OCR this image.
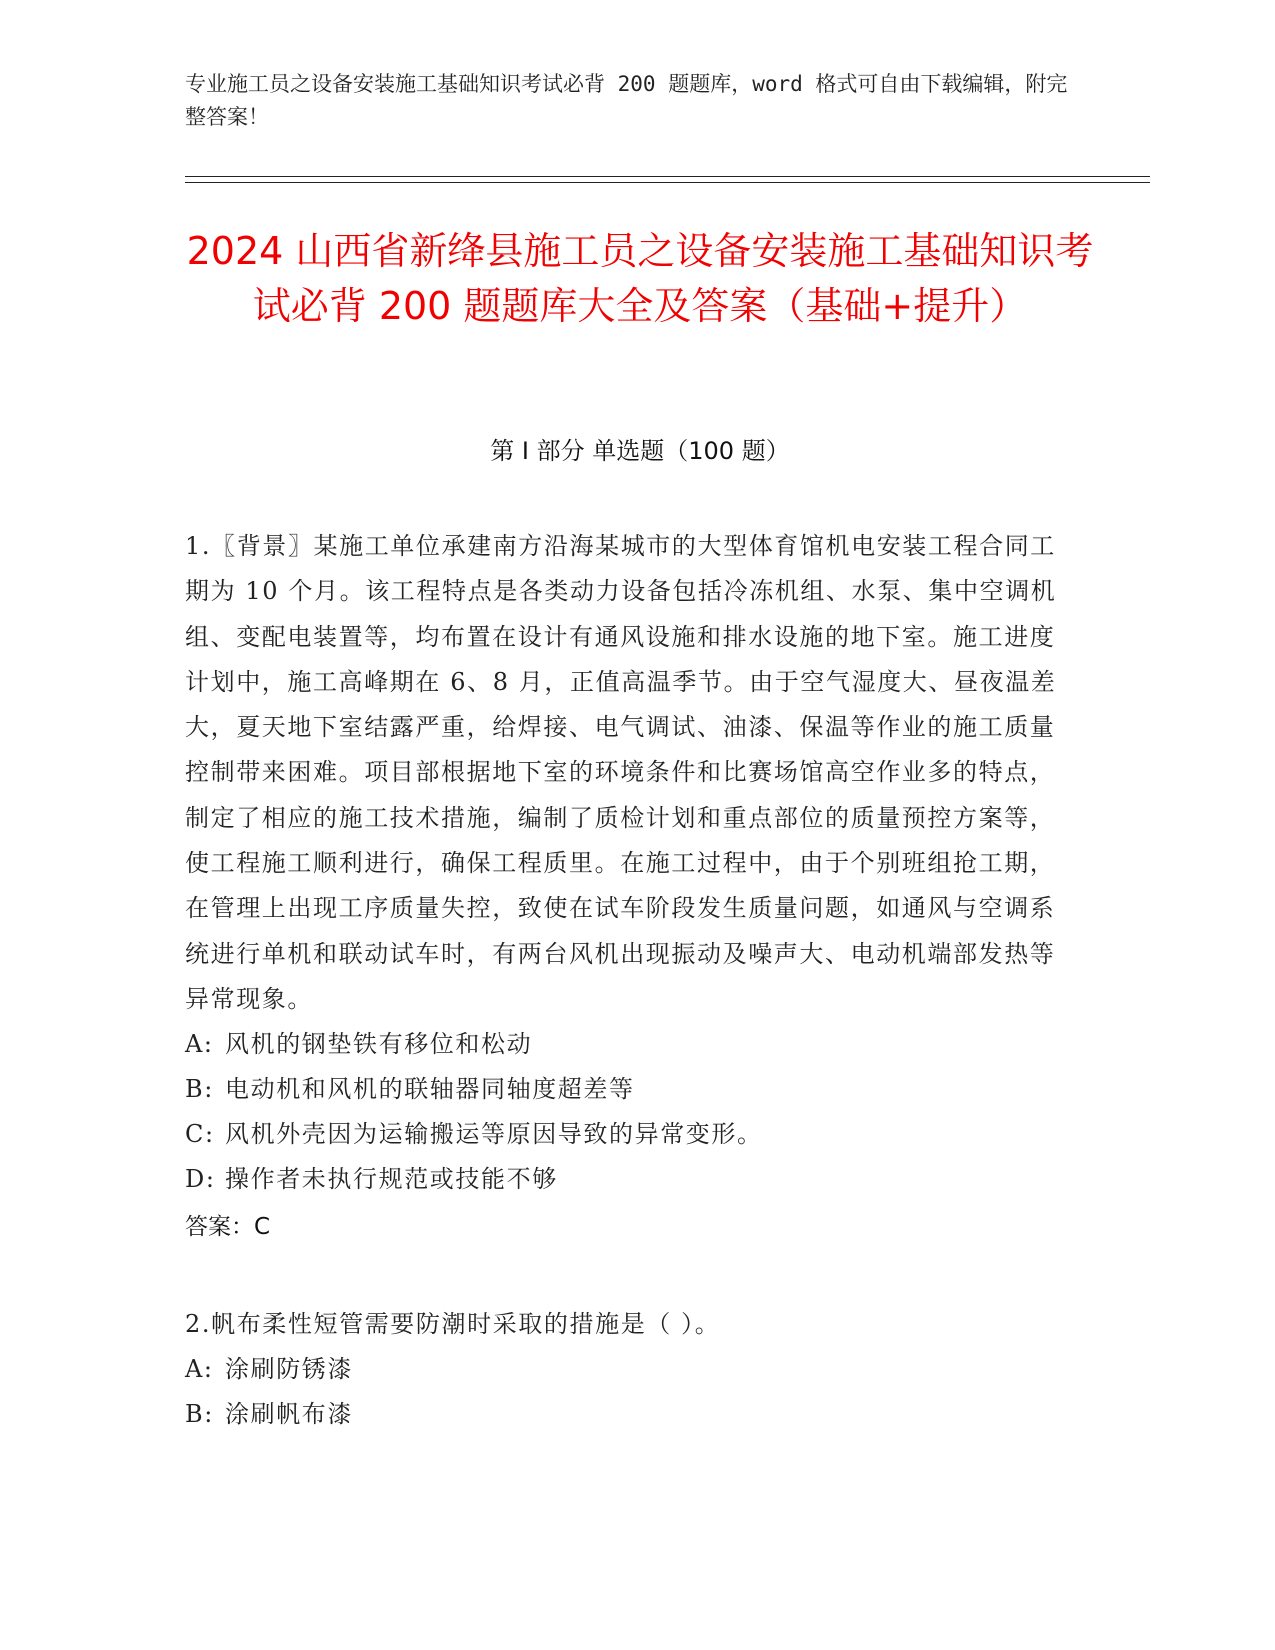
专业施工员之设备安装施工基础知识考试必背 200 题题库，word 格式可自由下载编辑，附完整答案！
2024 山西省新绛县施工员之设备安装施工基础知识考试必背 200 题题库大全及答案（基础+提升）
第 I 部分 单选题（100 题）
1.〖背景〗某施工单位承建南方沿海某城市的大型体育馆机电安装工程合同工期为 10 个月。该工程特点是各类动力设备包括冷冻机组、水泵、集中空调机组、变配电装置等，均布置在设计有通风设施和排水设施的地下室。施工进度计划中，施工高峰期在 6、8 月，正值高温季节。由于空气湿度大、昼夜温差大，夏天地下室结露严重，给焊接、电气调试、油漆、保温等作业的施工质量控制带来困难。项目部根据地下室的环境条件和比赛场馆高空作业多的特点，制定了相应的施工技术措施，编制了质检计划和重点部位的质量预控方案等，使工程施工顺利进行，确保工程质里。在施工过程中，由于个别班组抢工期，在管理上出现工序质量失控，致使在试车阶段发生质量问题，如通风与空调系统进行单机和联动试车时，有两台风机出现振动及噪声大、电动机端部发热等异常现象。
A: 风机的钢垫铁有移位和松动
B: 电动机和风机的联轴器同轴度超差等
C: 风机外壳因为运输搬运等原因导致的异常变形。
D: 操作者未执行规范或技能不够
答案：C
2.帆布柔性短管需要防潮时采取的措施是（ ）。
A: 涂刷防锈漆
B: 涂刷帆布漆
